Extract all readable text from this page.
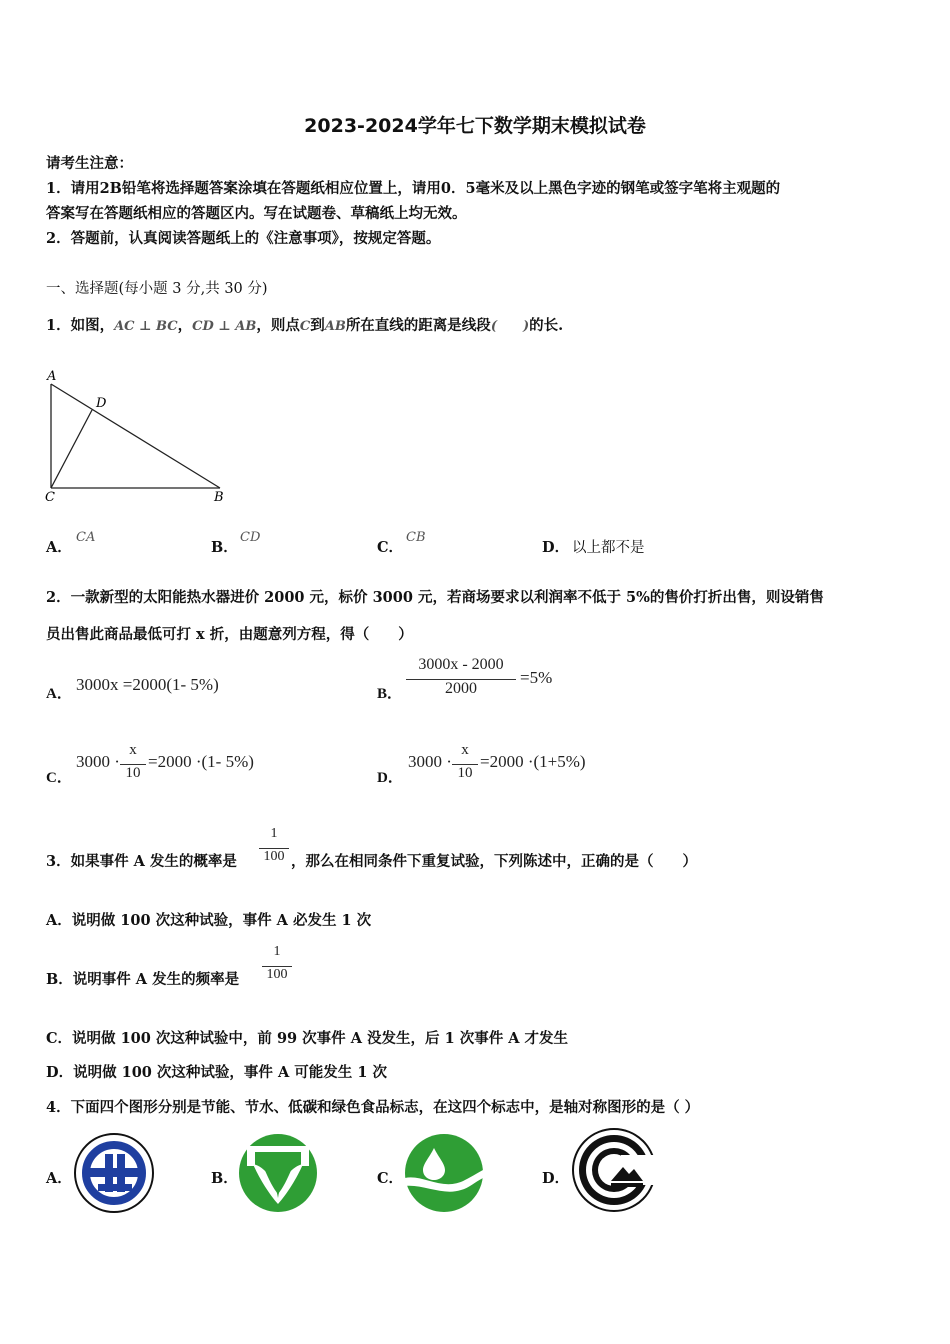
2023-2024学年七下数学期末模拟试卷
请考生注意：
1．请用2B铅笔将选择题答案涂填在答题纸相应位置上，请用0．5毫米及以上黑色字迹的钢笔或签字笔将主观题的
答案写在答题纸相应的答题区内。写在试题卷、草稿纸上均无效。
2．答题前，认真阅读答题纸上的《注意事项》，按规定答题。
一、选择题(每小题 3 分,共 30 分)
1．如图，AC ⊥ BC，CD ⊥ AB，则点C到AB所在直线的距离是线段(　　)的长.
A
D
C	B
A．
CA
B．
CD
C．
CB
D． 以上都不是
2．一款新型的太阳能热水器进价 2000 元，标价 3000 元，若商场要求以利润率不低于 5%的售价打折出售，则设销售
员出售此商品最低可打 x 折，由题意列方程，得（　　）
A． 3000x =2000(1- 5%)	B．
3000x - 2000
2000
=5%
C．
3000 ·
x
10
=2000 ·(1- 5%)
D．
3000 ·
x
10
=2000 ·(1+5%)
3．如果事件 A 发生的概率是
1
100 ，那么在相同条件下重复试验，下列陈述中，正确的是（　　）
A．说明做 100 次这种试验，事件 A 必发生 1 次
B．说明事件 A 发生的频率是
1
100
C．说明做 100 次这种试验中，前 99 次事件 A 没发生，后 1 次事件 A 才发生
D．说明做 100 次这种试验，事件 A 可能发生 1 次
4．下面四个图形分别是节能、节水、低碳和绿色食品标志，在这四个标志中，是轴对称图形的是（ ）
A．	B．	C．	D．
